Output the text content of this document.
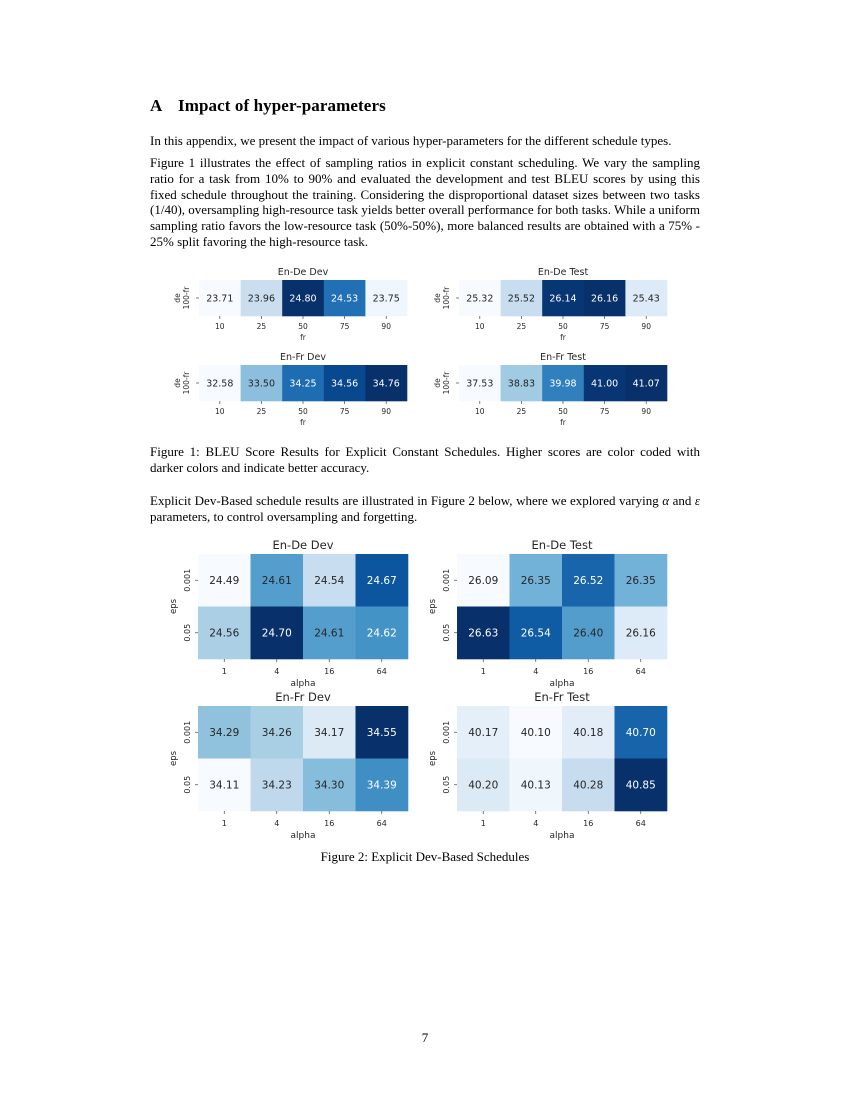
A Impact of hyper-parameters

In this appendix, we present the impact of various hyper-parameters for the different schedule types.

Figure 1 illustrates the effect of sampling ratios in explicit constant scheduling. We vary the sampling ratio for a task from 10% to 90% and evaluated the development and test BLEU scores by using this fixed schedule throughout the training. Considering the disproportional dataset sizes between two tasks (1/40), oversampling high-resource task yields better overall performance for both tasks. While a uniform sampling ratio favors the low-resource task (50%-50%), more balanced results are obtained with a 75% - 25% split favoring the high-resource task.

En-De Dev
23.71 23.96 24.80 24.53 23.75
10	25	50	75	90
fr
de 100-fr
En-De Test
25.32 25.52 26.14 26.16 25.43
10	25	50	75	90
fr
de 100-fr
En-Fr Dev
32.58 33.50 34.25 34.56 34.76
10	25	50	75	90
fr
de 100-fr
En-Fr Test
37.53 38.83 39.98 41.00 41.07
10	25	50	75	90
fr
de 100-fr
En-De Dev
24.49 24.61 24.54 24.67
24.56 24.70 24.61 24.62
1	4	16	64
alpha
0.001
0.05
eps
En-De Test
26.09 26.35 26.52 26.35
26.63 26.54 26.40 26.16
1	4	16	64
alpha
0.001
0.05
eps
En-Fr Dev
34.29 34.26 34.17 34.55
34.11 34.23 34.30 34.39
1	4	16	64
alpha
0.001
0.05
eps
En-Fr Test
40.17 40.10 40.18 40.70
40.20 40.13 40.28 40.85
1	4	16	64
alpha
0.001
0.05
eps

Figure 1: BLEU Score Results for Explicit Constant Schedules. Higher scores are color coded with darker colors and indicate better accuracy.

Explicit Dev-Based schedule results are illustrated in Figure 2 below, where we explored varying α and ε parameters, to control oversampling and forgetting.

Figure 2: Explicit Dev-Based Schedules

7
